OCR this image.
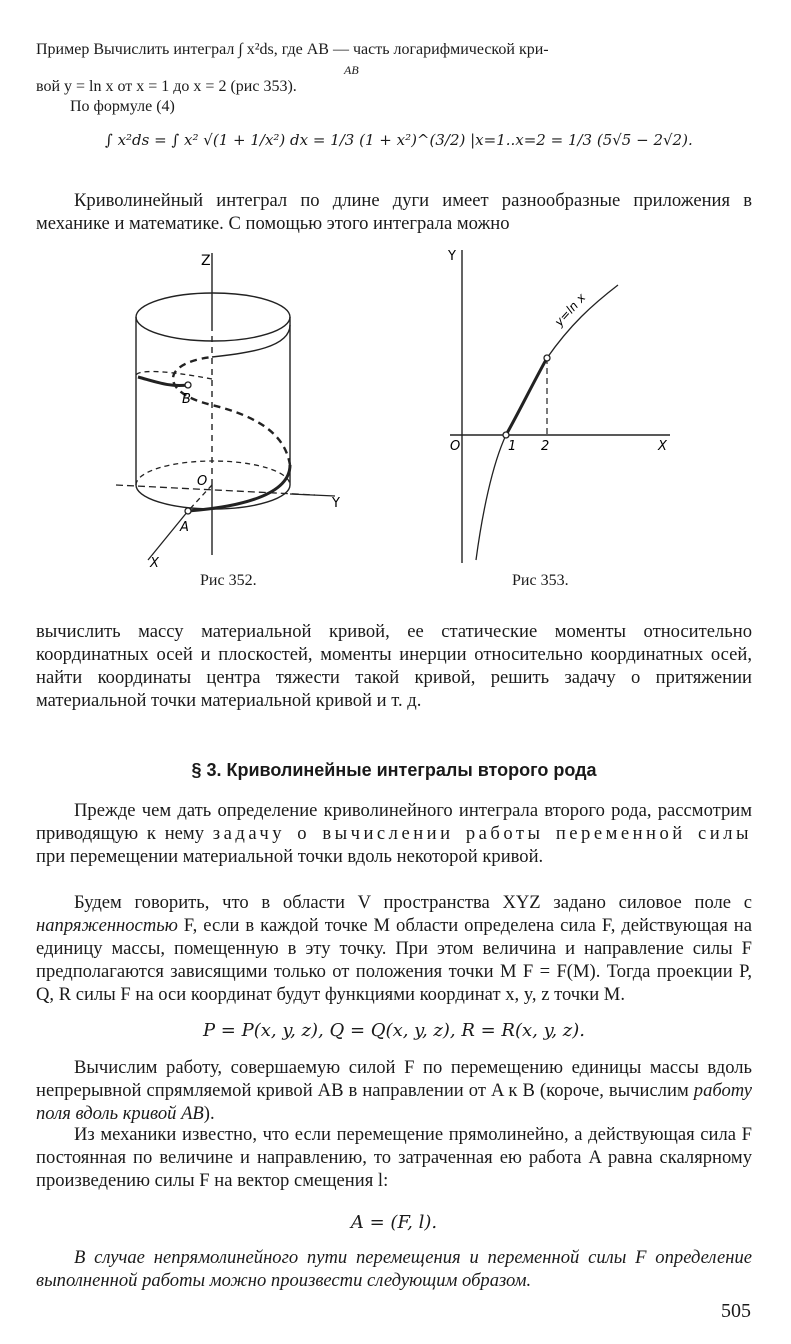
Пример Вычислить интеграл ∫ x²ds, где AB — часть логарифмической кри-
AB
вой y = ln x от x = 1 до x = 2 (рис 353).
По формуле (4)
∫ x²ds = ∫ x² √(1 + 1/x²) dx = 1/3 (1 + x²)^(3/2) |x=1..x=2 = 1/3 (5√5 − 2√2).
Криволинейный интеграл по длине дуги имеет разнообразные приложения в механике и математике. С помощью этого интеграла можно
Z
Y
X
O
A
B
Рис 352.
Y
X
O	1 2
y=ln x
Рис 353.
вычислить массу материальной кривой, ее статические моменты относительно координатных осей и плоскостей, моменты инерции относительно координатных осей, найти координаты центра тяжести такой кривой, решить задачу о притяжении материальной точки материальной кривой и т. д.
§ 3. Криволинейные интегралы второго рода
Прежде чем дать определение криволинейного интеграла второго рода, рассмотрим приводящую к нему задачу о вычислении работы переменной силы при перемещении материальной точки вдоль некоторой кривой.
Будем говорить, что в области V пространства XYZ задано силовое поле с напряженностью F, если в каждой точке M области определена сила F, действующая на единицу массы, помещенную в эту точку. При этом величина и направление силы F предполагаются зависящими только от положения точки M F = F(M). Тогда проекции P, Q, R силы F на оси координат будут функциями координат x, y, z точки M.
P = P(x, y, z), Q = Q(x, y, z), R = R(x, y, z).
Вычислим работу, совершаемую силой F по перемещению единицы массы вдоль непрерывной спрямляемой кривой AB в направлении от A к B (короче, вычислим работу поля вдоль кривой AB).
Из механики известно, что если перемещение прямолинейно, а действующая сила F постоянная по величине и направлению, то затраченная ею работа A равна скалярному произведению силы F на вектор смещения l:
A = (F, l).
В случае непрямолинейного пути перемещения и переменной силы F определение выполненной работы можно произвести следующим образом.
505
